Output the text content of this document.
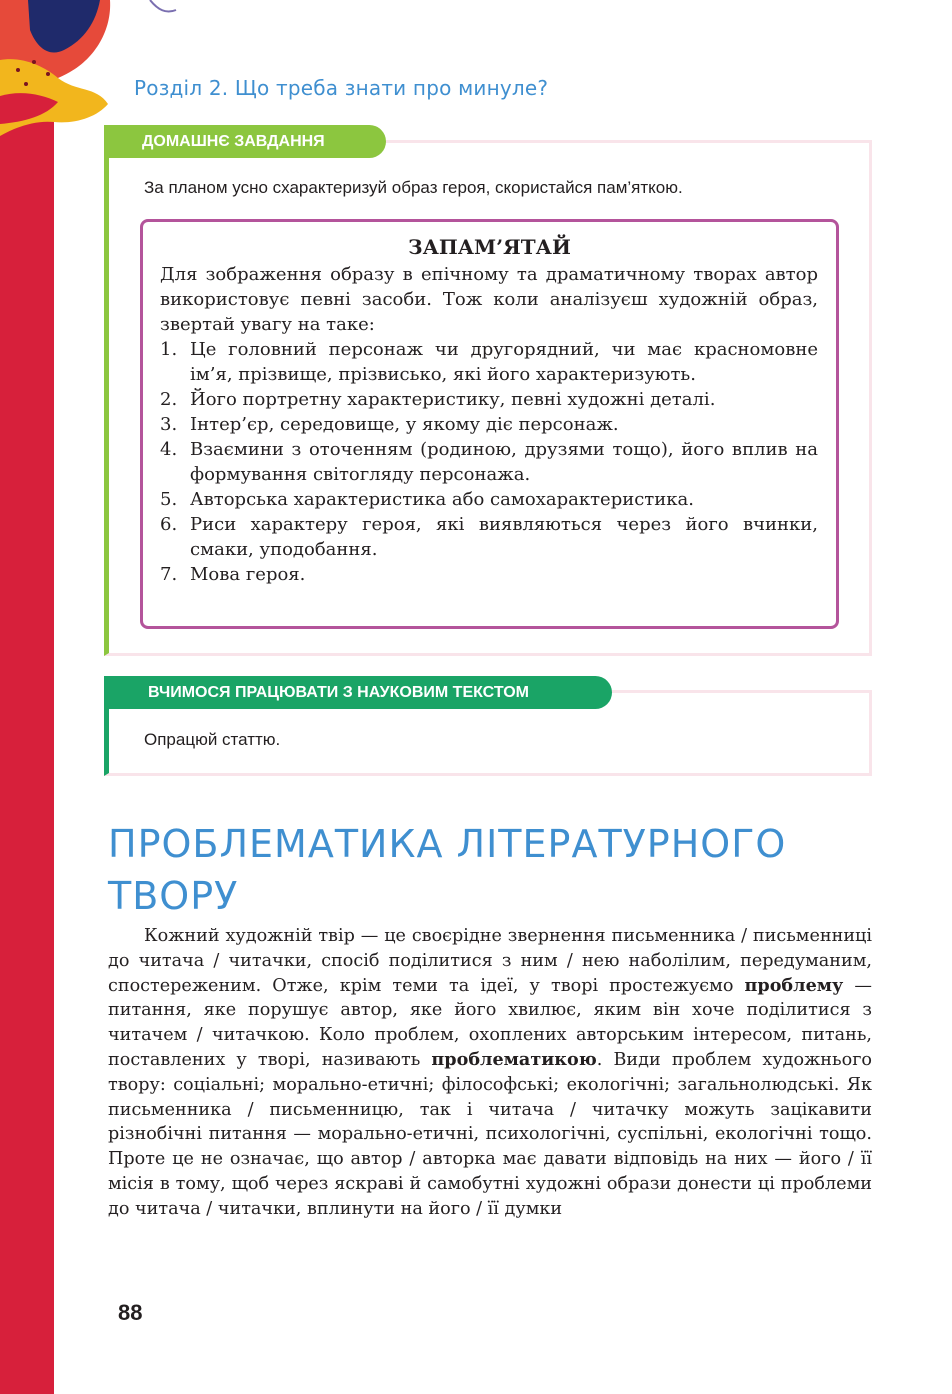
Розділ 2. Що треба знати про минуле?
ДОМАШНЄ ЗАВДАННЯ
За планом усно схарактеризуй образ героя, скористайся пам’яткою.
ЗАПАМ’ЯТАЙ

Для зображення образу в епічному та драматичному творах автор використовує певні засоби. Тож коли аналізуєш художній образ, звертай увагу на таке:

1. Це головний персонаж чи другорядний, чи має красномовне ім’я, прізвище, прізвисько, які його характеризують.
2. Його портретну характеристику, певні художні деталі.
3. Інтер’єр, середовище, у якому діє персонаж.
4. Взаємини з оточенням (родиною, друзями тощо), його вплив на формування світогляду персонажа.
5. Авторська характеристика або самохарактеристика.
6. Риси характеру героя, які виявляються через його вчинки, смаки, уподобання.
7. Мова героя.
ВЧИМОСЯ ПРАЦЮВАТИ З НАУКОВИМ ТЕКСТОМ
Опрацюй статтю.
ПРОБЛЕМАТИКА ЛІТЕРАТУРНОГО ТВОРУ
Кожний художній твір — це своєрідне звернення письменника / письменниці до читача / читачки, спосіб поділитися з ним / нею наболілим, передуманим, спостереженим. Отже, крім теми та ідеї, у творі простежуємо проблему — питання, яке порушує автор, яке його хвилює, яким він хоче поділитися з читачем / читачкою. Коло проблем, охоплених авторським інтересом, питань, поставлених у творі, називають проблематикою. Види проблем художнього твору: соціальні; морально-етичні; філософські; екологічні; загальнолюдські. Як письменника / письменницю, так і читача / читачку можуть зацікавити різнобічні питання — морально-етичні, психологічні, суспільні, екологічні тощо. Проте це не означає, що автор / авторка має давати відповідь на них — його / її місія в тому, щоб через яскраві й самобутні художні образи донести ці проблеми до читача / читачки, вплинути на його / її думки
88
